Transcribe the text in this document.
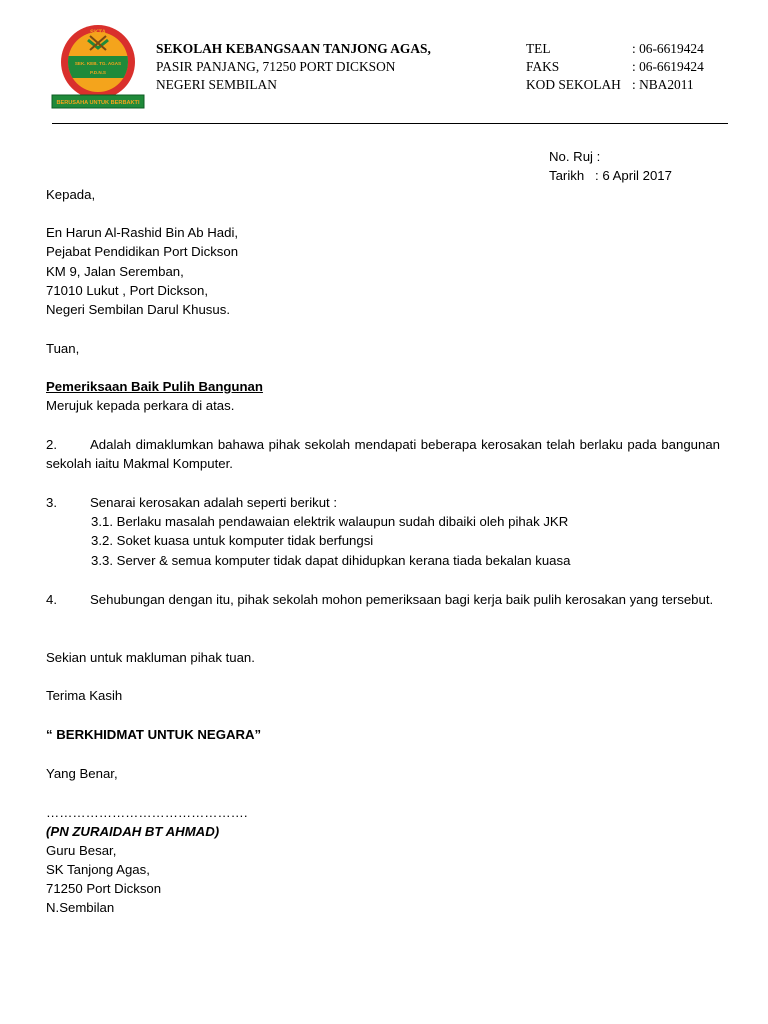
SKTA
SEK. KEB. TG. AGAS
P.D.N.S
BERUSAHA UNTUK BERBAKTI
SEKOLAH KEBANGSAAN TANJONG AGAS,
PASIR PANJANG, 71250 PORT DICKSON
NEGERI SEMBILAN
TEL	: 06-6619424
FAKS	: 06-6619424
KOD SEKOLAH : NBA2011
No. Ruj :
Tarikh : 6 April 2017
Kepada,
En Harun Al-Rashid Bin Ab Hadi,
Pejabat Pendidikan Port Dickson
KM 9, Jalan Seremban,
71010 Lukut , Port Dickson,
Negeri Sembilan Darul Khusus.
Tuan,
Pemeriksaan Baik Pulih Bangunan
Merujuk kepada perkara di atas.
2.	Adalah dimaklumkan bahawa pihak sekolah mendapati beberapa kerosakan telah berlaku pada bangunan
sekolah iaitu Makmal Komputer.
3.	Senarai kerosakan adalah seperti berikut :
3.1. Berlaku masalah pendawaian elektrik walaupun sudah dibaiki oleh pihak JKR
3.2. Soket kuasa untuk komputer tidak berfungsi
3.3. Server & semua komputer tidak dapat dihidupkan kerana tiada bekalan kuasa
4.	Sehubungan dengan itu, pihak sekolah mohon pemeriksaan bagi kerja baik pulih kerosakan yang tersebut.
Sekian untuk makluman pihak tuan.
Terima Kasih
“ BERKHIDMAT UNTUK NEGARA”
Yang Benar,
……………………………………….
(PN ZURAIDAH BT AHMAD)
Guru Besar,
SK Tanjong Agas,
71250 Port Dickson
N.Sembilan
